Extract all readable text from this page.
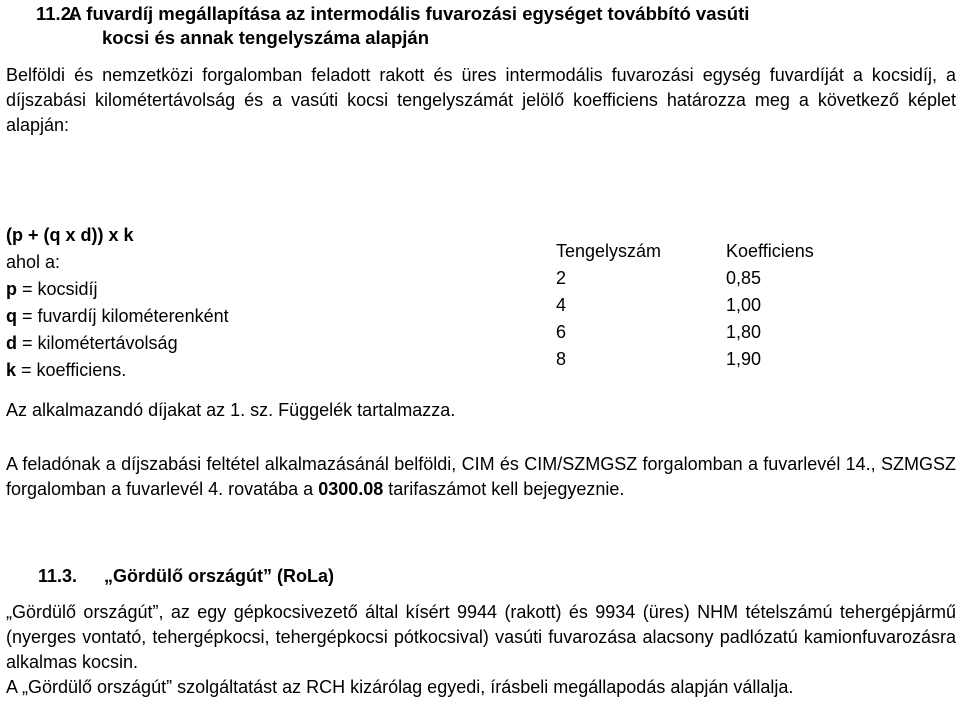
11.2. A fuvardíj megállapítása az intermodális fuvarozási egységet továbbító vasúti
kocsi és annak tengelyszáma alapján

Belföldi és nemzetközi forgalomban feladott rakott és üres intermodális fuvarozási egység fuvardíját a kocsidíj, a díjszabási kilométertávolság és a vasúti kocsi tengelyszámát jelölő koefficiens határozza meg a következő képlet alapján:

(p + (q x d)) x k
ahol a:
p = kocsidíj
q = fuvardíj kilométerenként
d = kilométertávolság
k = koefficiens.
Tengelyszám	Koefficiens
2	0,85
4	1,00
6	1,80
8	1,90
Az alkalmazandó díjakat az 1. sz. Függelék tartalmazza.

A feladónak a díjszabási feltétel alkalmazásánál belföldi, CIM és CIM/SZMGSZ forgalomban a fuvarlevél 14., SZMGSZ forgalomban a fuvarlevél 4. rovatába a 0300.08 tarifaszámot kell bejegyeznie.

11.3. „Gördülő országút” (RoLa)

„Gördülő országút”, az egy gépkocsivezető által kísért 9944 (rakott) és 9934 (üres) NHM tételszámú tehergépjármű (nyerges vontató, tehergépkocsi, tehergépkocsi pótkocsival) vasúti fuvarozása alacsony padlózatú kamionfuvarozásra alkalmas kocsin.

A „Gördülő országút” szolgáltatást az RCH kizárólag egyedi, írásbeli megállapodás alapján vállalja.
